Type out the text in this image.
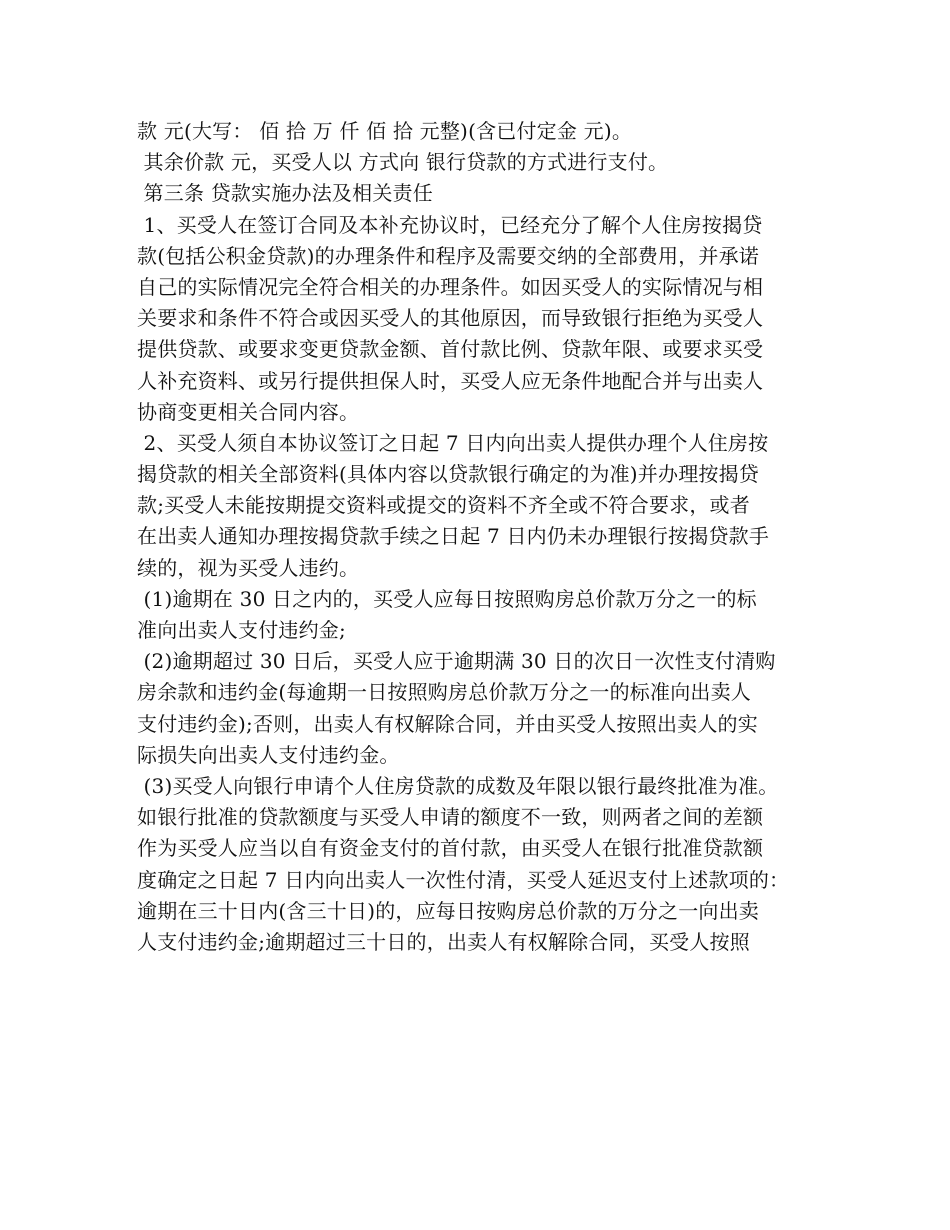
款 元(大写： 佰 拾 万 仟 佰 拾 元整)(含已付定金 元)。
其余价款 元，买受人以 方式向 银行贷款的方式进行支付。
第三条 贷款实施办法及相关责任
1、买受人在签订合同及本补充协议时，已经充分了解个人住房按揭贷
款(包括公积金贷款)的办理条件和程序及需要交纳的全部费用，并承诺
自己的实际情况完全符合相关的办理条件。如因买受人的实际情况与相
关要求和条件不符合或因买受人的其他原因，而导致银行拒绝为买受人
提供贷款、或要求变更贷款金额、首付款比例、贷款年限、或要求买受
人补充资料、或另行提供担保人时，买受人应无条件地配合并与出卖人
协商变更相关合同内容。
2、买受人须自本协议签订之日起 7 日内向出卖人提供办理个人住房按
揭贷款的相关全部资料(具体内容以贷款银行确定的为准)并办理按揭贷
款;买受人未能按期提交资料或提交的资料不齐全或不符合要求，或者
在出卖人通知办理按揭贷款手续之日起 7 日内仍未办理银行按揭贷款手
续的，视为买受人违约。
(1)逾期在 30 日之内的，买受人应每日按照购房总价款万分之一的标
准向出卖人支付违约金;
(2)逾期超过 30 日后，买受人应于逾期满 30 日的次日一次性支付清购
房余款和违约金(每逾期一日按照购房总价款万分之一的标准向出卖人
支付违约金);否则，出卖人有权解除合同，并由买受人按照出卖人的实
际损失向出卖人支付违约金。
(3)买受人向银行申请个人住房贷款的成数及年限以银行最终批准为准。
如银行批准的贷款额度与买受人申请的额度不一致，则两者之间的差额
作为买受人应当以自有资金支付的首付款，由买受人在银行批准贷款额
度确定之日起 7 日内向出卖人一次性付清，买受人延迟支付上述款项的：
逾期在三十日内(含三十日)的，应每日按购房总价款的万分之一向出卖
人支付违约金;逾期超过三十日的，出卖人有权解除合同，买受人按照
